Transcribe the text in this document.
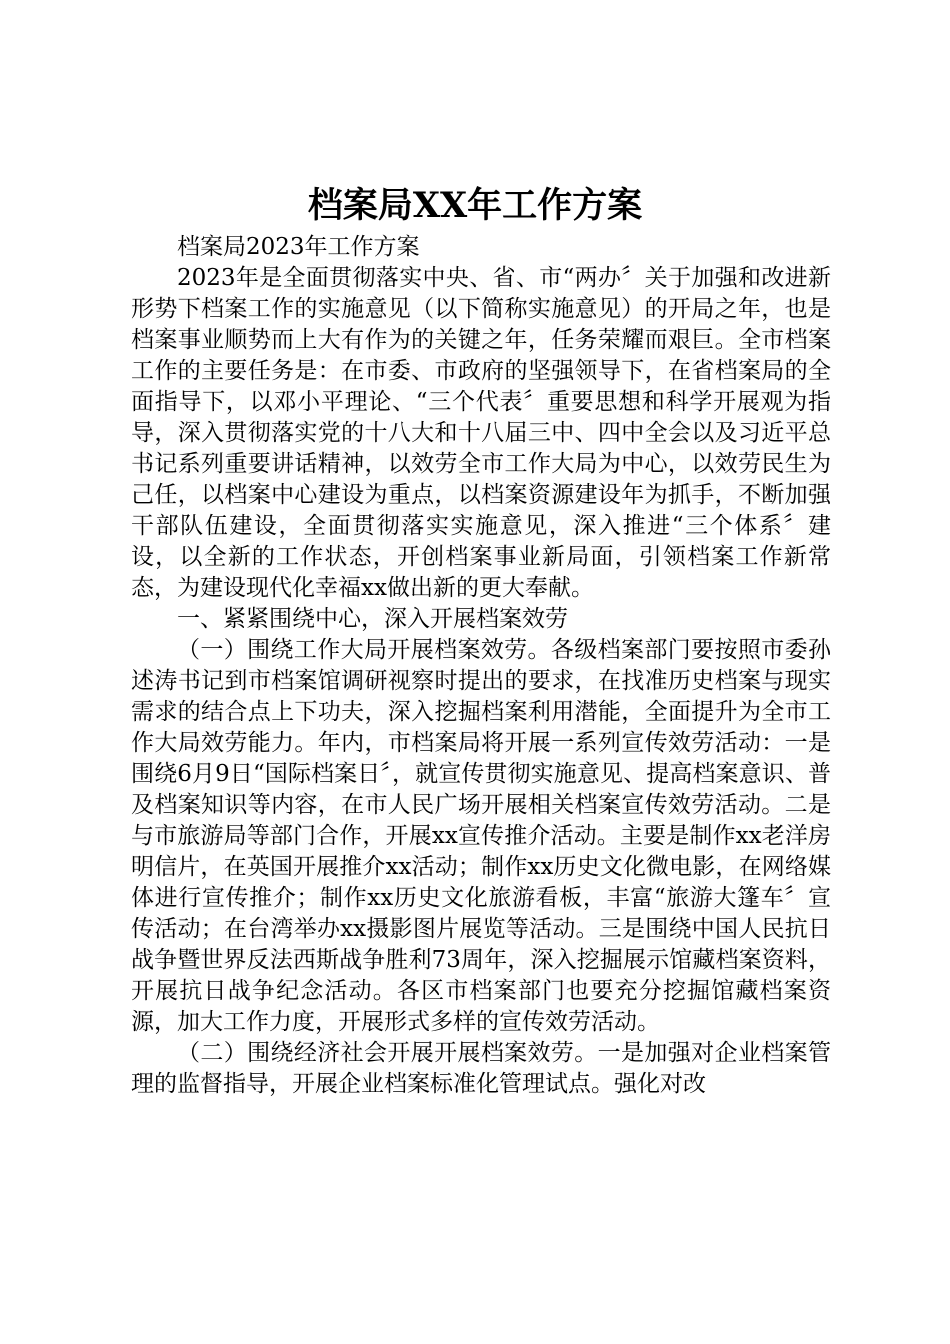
档案局XX年工作方案

档案局2023年工作方案

2023年是全面贯彻落实中央、省、市“两办〞关于加强和改进新形势下档案工作的实施意见（以下简称实施意见）的开局之年，也是档案事业顺势而上大有作为的关键之年，任务荣耀而艰巨。全市档案工作的主要任务是：在市委、市政府的坚强领导下，在省档案局的全面指导下，以邓小平理论、“三个代表〞重要思想和科学开展观为指导，深入贯彻落实党的十八大和十八届三中、四中全会以及习近平总书记系列重要讲话精神，以效劳全市工作大局为中心，以效劳民生为己任，以档案中心建设为重点，以档案资源建设年为抓手，不断加强干部队伍建设，全面贯彻落实实施意见，深入推进“三个体系〞建设，以全新的工作状态，开创档案事业新局面，引领档案工作新常态，为建设现代化幸福xx做出新的更大奉献。

一、紧紧围绕中心，深入开展档案效劳

（一）围绕工作大局开展档案效劳。各级档案部门要按照市委孙述涛书记到市档案馆调研视察时提出的要求，在找准历史档案与现实需求的结合点上下功夫，深入挖掘档案利用潜能，全面提升为全市工作大局效劳能力。年内，市档案局将开展一系列宣传效劳活动：一是围绕6月9日“国际档案日〞，就宣传贯彻实施意见、提高档案意识、普及档案知识等内容，在市人民广场开展相关档案宣传效劳活动。二是与市旅游局等部门合作，开展xx宣传推介活动。主要是制作xx老洋房明信片，在英国开展推介xx活动；制作xx历史文化微电影，在网络媒体进行宣传推介；制作xx历史文化旅游看板，丰富“旅游大篷车〞宣传活动；在台湾举办xx摄影图片展览等活动。三是围绕中国人民抗日战争暨世界反法西斯战争胜利73周年，深入挖掘展示馆藏档案资料，开展抗日战争纪念活动。各区市档案部门也要充分挖掘馆藏档案资源，加大工作力度，开展形式多样的宣传效劳活动。

（二）围绕经济社会开展开展档案效劳。一是加强对企业档案管理的监督指导，开展企业档案标准化管理试点。强化对改
